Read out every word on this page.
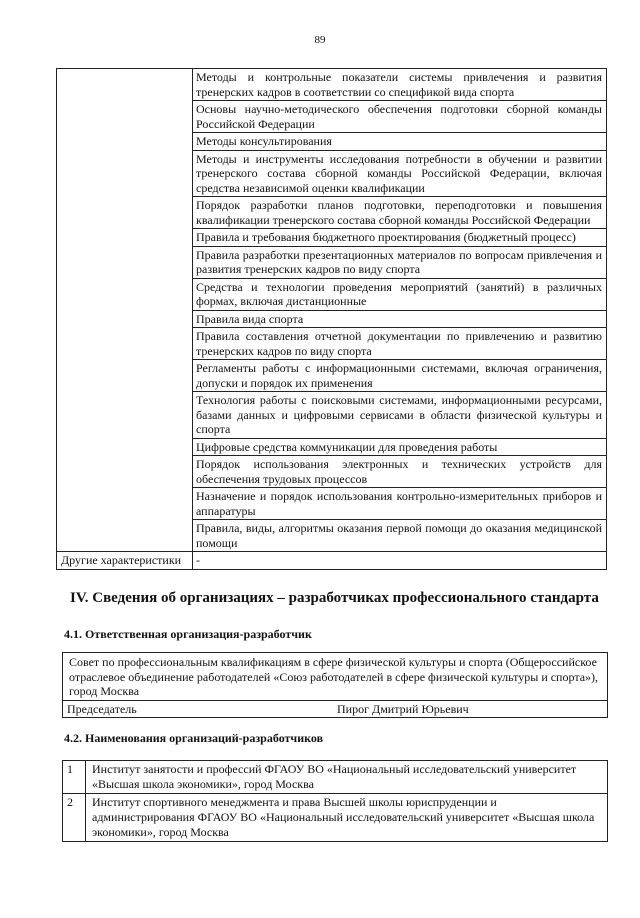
89
	Методы и контрольные показатели системы привлечения и развития тренерских кадров в соответствии со спецификой вида спорта
	Основы научно-методического обеспечения подготовки сборной команды Российской Федерации
	Методы консультирования
	Методы и инструменты исследования потребности в обучении и развитии тренерского состава сборной команды Российской Федерации, включая средства независимой оценки квалификации
	Порядок разработки планов подготовки, переподготовки и повышения квалификации тренерского состава сборной команды Российской Федерации
	Правила и требования бюджетного проектирования (бюджетный процесс)
	Правила разработки презентационных материалов по вопросам привлечения и развития тренерских кадров по виду спорта
	Средства и технологии проведения мероприятий (занятий) в различных формах, включая дистанционные
	Правила вида спорта
	Правила составления отчетной документации по привлечению и развитию тренерских кадров по виду спорта
	Регламенты работы с информационными системами, включая ограничения, допуски и порядок их применения
	Технология работы с поисковыми системами, информационными ресурсами, базами данных и цифровыми сервисами в области физической культуры и спорта
	Цифровые средства коммуникации для проведения работы
	Порядок использования электронных и технических устройств для обеспечения трудовых процессов
	Назначение и порядок использования контрольно-измерительных приборов и аппаратуры
	Правила, виды, алгоритмы оказания первой помощи до оказания медицинской помощи
Другие характеристики	-
IV. Сведения об организациях – разработчиках профессионального стандарта
4.1. Ответственная организация-разработчик
Совет по профессиональным квалификациям в сфере физической культуры и спорта (Общероссийское отраслевое объединение работодателей «Союз работодателей в сфере физической культуры и спорта»), город Москва
Председатель	Пирог Дмитрий Юрьевич
4.2. Наименования организаций-разработчиков
1	Институт занятости и профессий ФГАОУ ВО «Национальный исследовательский университет «Высшая школа экономики», город Москва
2	Институт спортивного менеджмента и права Высшей школы юриспруденции и администрирования ФГАОУ ВО «Национальный исследовательский университет «Высшая школа экономики», город Москва
